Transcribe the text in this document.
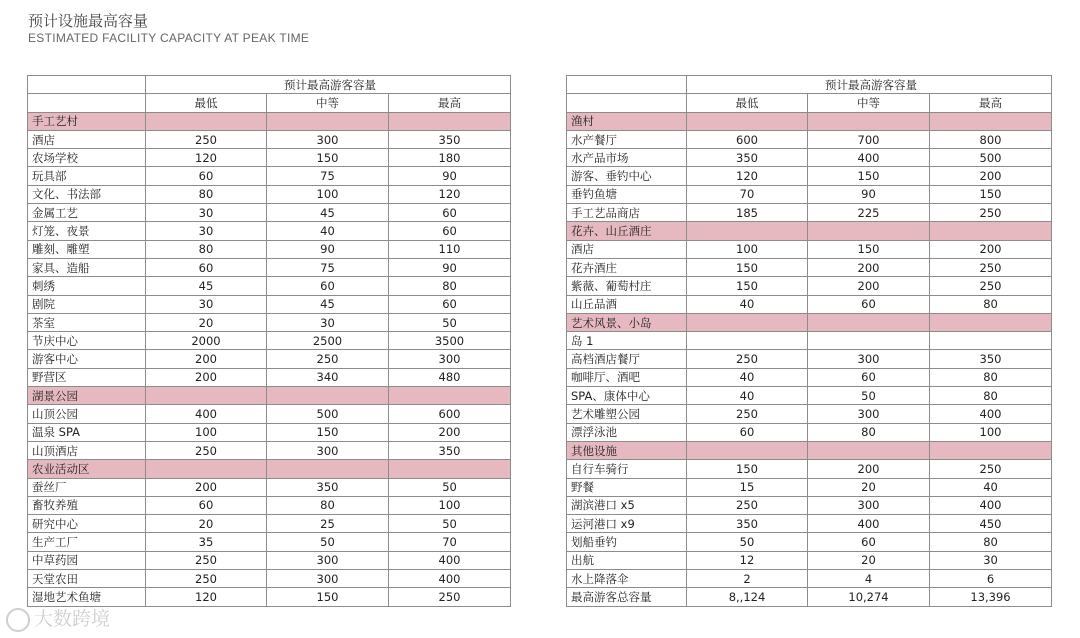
预计设施最高容量
ESTIMATED FACILITY CAPACITY AT PEAK TIME
	预计最高游客容量		
	最低	中等	最高
手工艺村			
酒店	250	300	350
农场学校	120	150	180
玩具部	60	75	90
文化、书法部	80	100	120
金属工艺	30	45	60
灯笼、夜景	30	40	60
雕刻、雕塑	80	90	110
家具、造船	60	75	90
刺绣	45	60	80
剧院	30	45	60
茶室	20	30	50
节庆中心	2000	2500	3500
游客中心	200	250	300
野营区	200	340	480
湖景公园			
山顶公园	400	500	600
温泉 SPA	100	150	200
山顶酒店	250	300	350
农业活动区			
蚕丝厂	200	350	50
畜牧养殖	60	80	100
研究中心	20	25	50
生产工厂	35	50	70
中草药园	250	300	400
天堂农田	250	300	400
湿地艺术鱼塘	120	150	250
	预计最高游客容量		
	最低	中等	最高
渔村			
水产餐厅	600	700	800
水产品市场	350	400	500
游客、垂钓中心	120	150	200
垂钓鱼塘	70	90	150
手工艺品商店	185	225	250
花卉、山丘酒庄			
酒店	100	150	200
花卉酒庄	150	200	250
紫薇、葡萄村庄	150	200	250
山丘品酒	40	60	80
艺术风景、小岛			
岛 1			
高档酒店餐厅	250	300	350
咖啡厅、酒吧	40	60	80
SPA、康体中心	40	50	80
艺术雕塑公园	250	300	400
漂浮泳池	60	80	100
其他设施			
自行车骑行	150	200	250
野餐	15	20	40
湖滨港口 x5	250	300	400
运河港口 x9	350	400	450
划船垂钓	50	60	80
出航	12	20	30
水上降落伞	2	4	6
最高游客总容量	8,,124	10,274	13,396
大数跨境
